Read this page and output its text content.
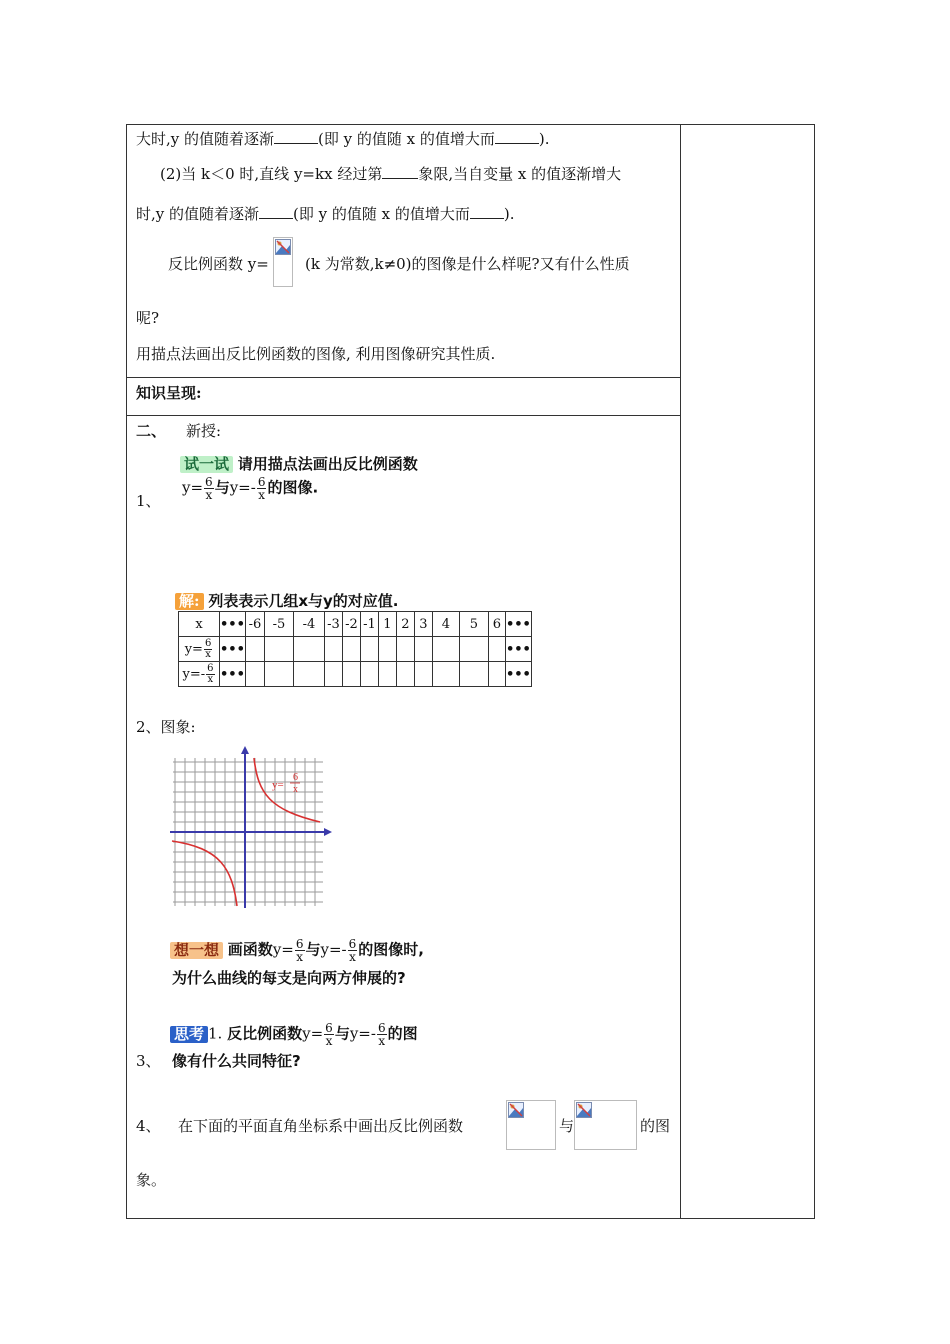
大时,y 的值随着逐渐	(即 y 的值随 x 的值增大而	).
(2)当 k＜0 时,直线 y=kx 经过第 象限,当自变量 x 的值逐渐增大
时,y 的值随着逐渐 (即 y 的值随 x 的值增大而 ).
反比例函数 y= (k 为常数,k≠0)的图像是什么样呢?又有什么性质
呢?
用描点法画出反比例函数的图像, 利用图像研究其性质.
知识呈现:
二、 新授:
1、
试一试 请用描点法画出反比例函数
$y= \frac{6}{x}$ 与$y=- \frac{6}{x}$ 的图像.
解: 列表表示几组x与y的对应值.
x	•••	-6	-5	-4	-3	-2	-1	1	2	3	4	5	6	•••
$y= \frac{6}{x}$	•••													•••
$y=- \frac{6}{x}$	•••													•••
2、图象:
y=
6
x
想一想 画函数$y= \frac{6}{x}$ 与$y=- \frac{6}{x}$ 的图像时,
为什么曲线的每支是向两方伸展的?
3、
思考 1. 反比例函数$y= \frac{6}{x}$ 与$y=- \frac{6}{x}$ 的图
像有什么共同特征?
4、 在下面的平面直角坐标系中画出反比例函数	与	的图
象。
